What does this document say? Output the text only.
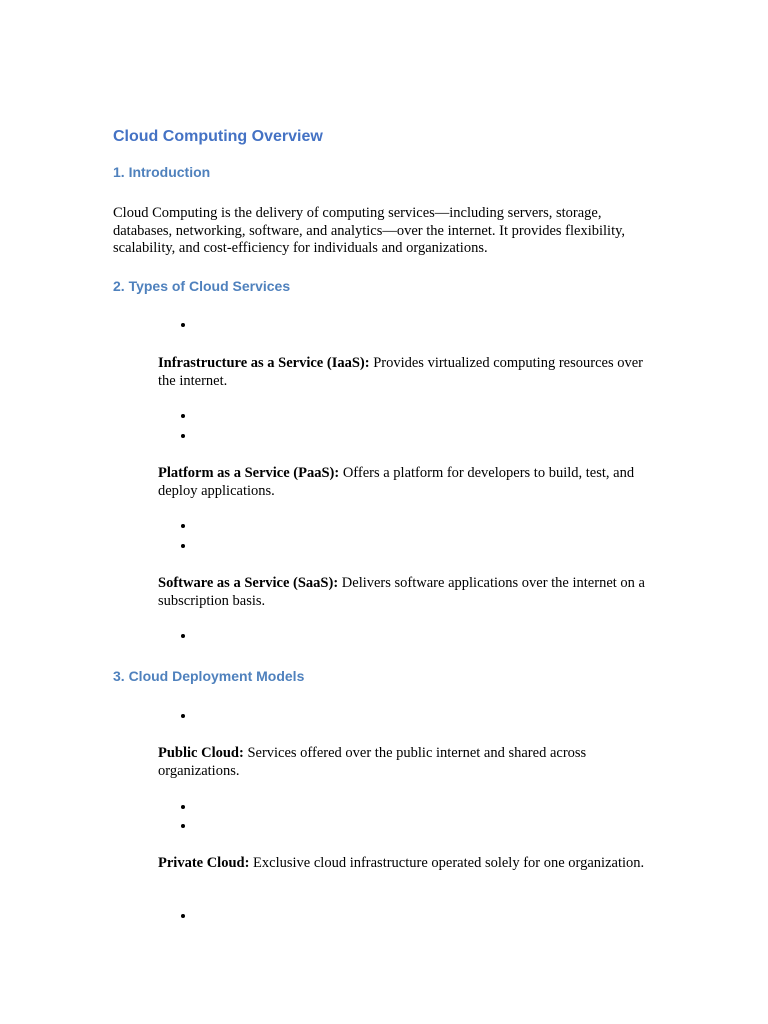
Cloud Computing Overview
1. Introduction

Cloud Computing is the delivery of computing services—including servers, storage, databases, networking, software, and analytics—over the internet. It provides flexibility, scalability, and cost-efficiency for individuals and organizations.

2. Types of Cloud Services
Infrastructure as a Service (IaaS): Provides virtualized computing resources over the internet.
Platform as a Service (PaaS): Offers a platform for developers to build, test, and deploy applications.
Software as a Service (SaaS): Delivers software applications over the internet on a subscription basis.
3. Cloud Deployment Models
Public Cloud: Services offered over the public internet and shared across organizations.
Private Cloud: Exclusive cloud infrastructure operated solely for one organization.
